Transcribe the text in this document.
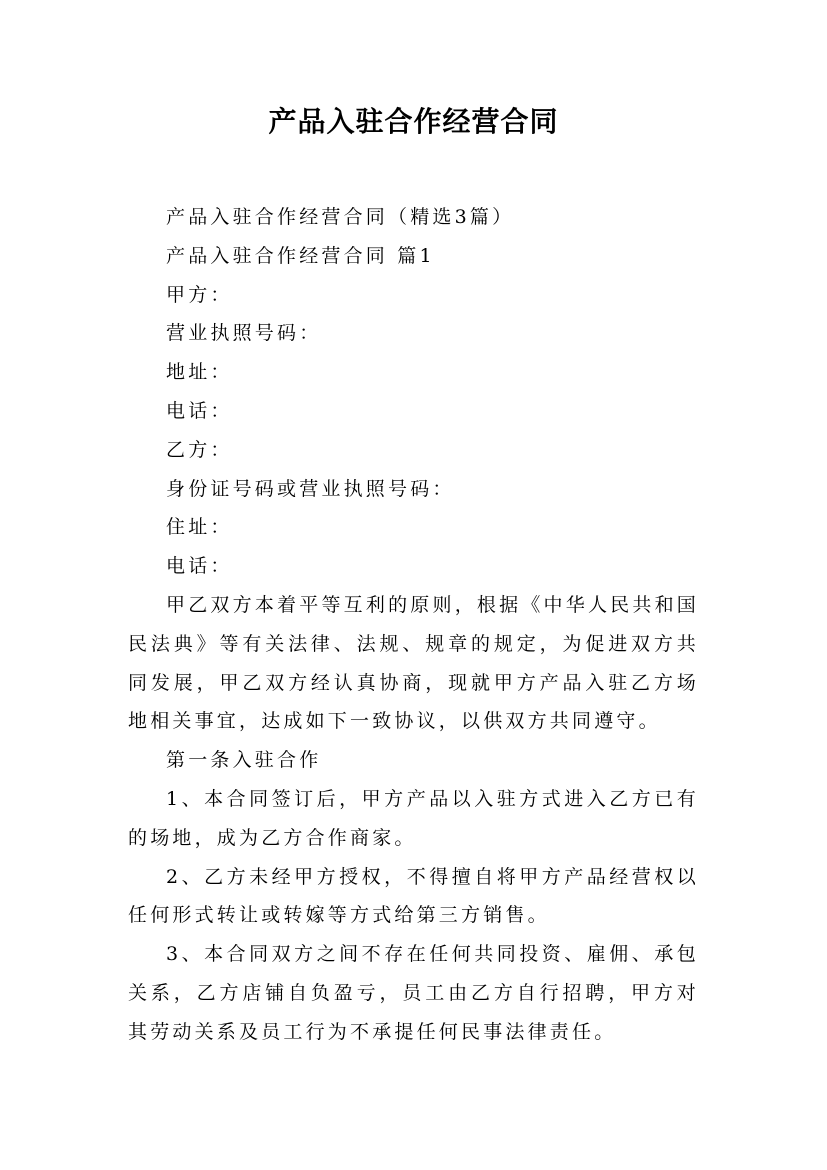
产品入驻合作经营合同

产品入驻合作经营合同（精选3篇）

产品入驻合作经营合同 篇1

甲方：

营业执照号码：

地址：

电话：

乙方：

身份证号码或营业执照号码：

住址：

电话：

甲乙双方本着平等互利的原则，根据《中华人民共和国民法典》等有关法律、法规、规章的规定，为促进双方共同发展，甲乙双方经认真协商，现就甲方产品入驻乙方场地相关事宜，达成如下一致协议，以供双方共同遵守。

第一条入驻合作

1、本合同签订后，甲方产品以入驻方式进入乙方已有的场地，成为乙方合作商家。

2、乙方未经甲方授权，不得擅自将甲方产品经营权以任何形式转让或转嫁等方式给第三方销售。

3、本合同双方之间不存在任何共同投资、雇佣、承包关系，乙方店铺自负盈亏，员工由乙方自行招聘，甲方对其劳动关系及员工行为不承提任何民事法律责任。
